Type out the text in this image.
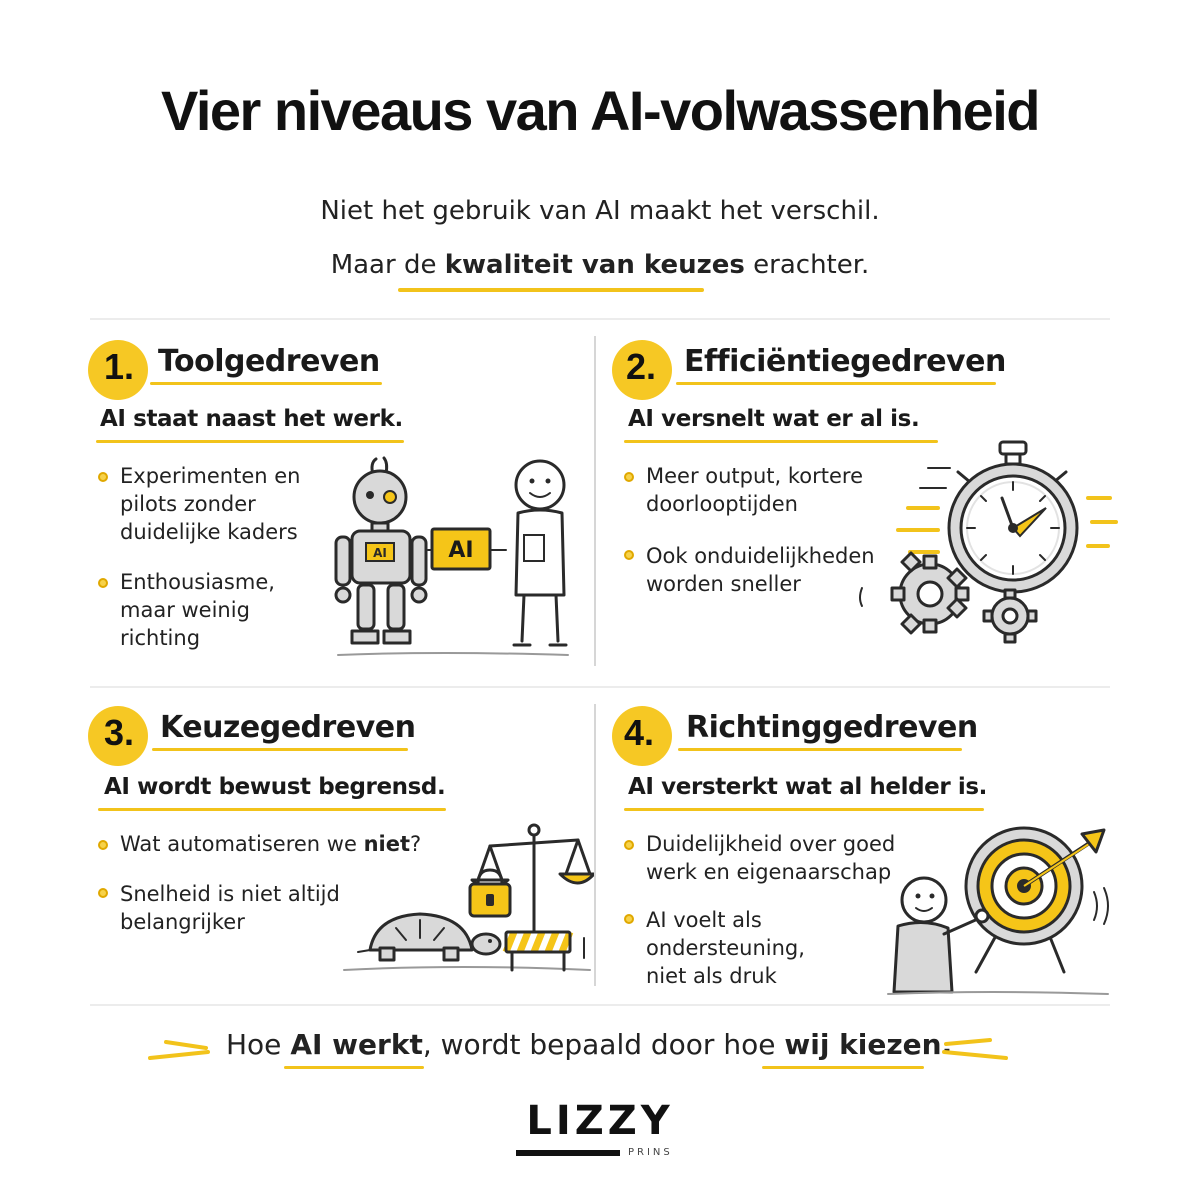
Vier niveaus van AI-volwassenheid
Niet het gebruik van AI maakt het verschil.
Maar de kwaliteit van keuzes erachter.
1. Toolgedreven
AI staat naast het werk.
Experimenten en pilots zonder duidelijke kaders
Enthousiasme, maar weinig richting
AI	AI
2. Efficiëntiegedreven
AI versnelt wat er al is.
Meer output, kortere doorlooptijden
Ook onduidelijkheden worden sneller
3. Keuzegedreven
AI wordt bewust begrensd.
Wat automatiseren we niet?
Snelheid is niet altijd belangrijker
4. Richtinggedreven
AI versterkt wat al helder is.
Duidelijkheid over goed werk en eigenaarschap
AI voelt als ondersteuning, niet als druk
Hoe AI werkt, wordt bepaald door hoe wij kiezen.
LIZZY
PRINS
